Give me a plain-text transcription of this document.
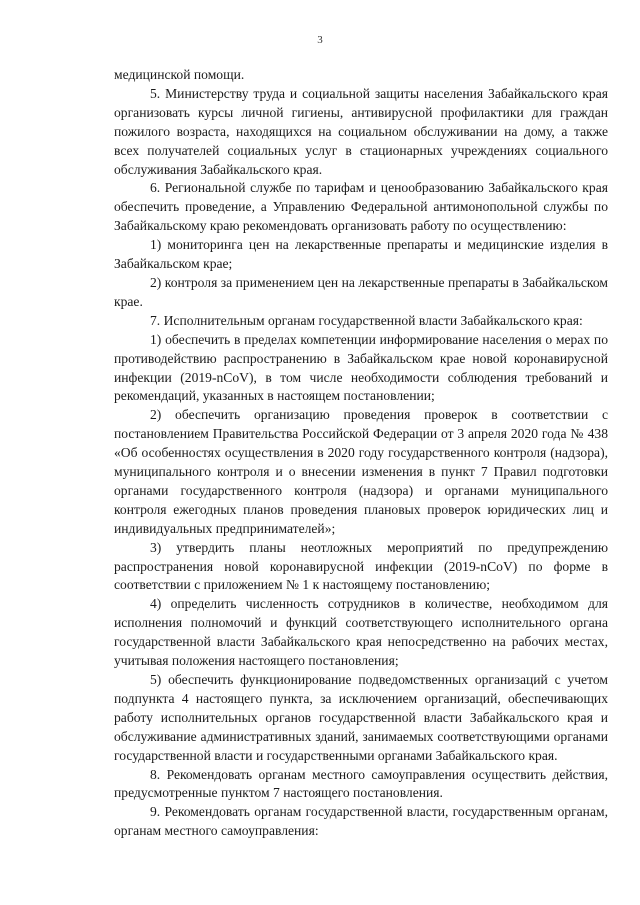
3

медицинской помощи.

5. Министерству труда и социальной защиты населения Забайкальского края организовать курсы личной гигиены, антивирусной профилактики для граждан пожилого возраста, находящихся на социальном обслуживании на дому, а также всех получателей социальных услуг в стационарных учреждениях социального обслуживания Забайкальского края.

6. Региональной службе по тарифам и ценообразованию Забайкальского края обеспечить проведение, а Управлению Федеральной антимонопольной службы по Забайкальскому краю рекомендовать организовать работу по осуществлению:

1) мониторинга цен на лекарственные препараты и медицинские изделия в Забайкальском крае;

2) контроля за применением цен на лекарственные препараты в Забайкальском крае.

7. Исполнительным органам государственной власти Забайкальского края:

1) обеспечить в пределах компетенции информирование населения о мерах по противодействию распространению в Забайкальском крае новой коронавирусной инфекции (2019-nCoV), в том числе необходимости соблюдения требований и рекомендаций, указанных в настоящем постановлении;

2) обеспечить организацию проведения проверок в соответствии с постановлением Правительства Российской Федерации от 3 апреля 2020 года № 438 «Об особенностях осуществления в 2020 году государственного контроля (надзора), муниципального контроля и о внесении изменения в пункт 7 Правил подготовки органами государственного контроля (надзора) и органами муниципального контроля ежегодных планов проведения плановых проверок юридических лиц и индивидуальных предпринимателей»;

3) утвердить планы неотложных мероприятий по предупреждению распространения новой коронавирусной инфекции (2019-nCoV) по форме в соответствии с приложением № 1 к настоящему постановлению;

4) определить численность сотрудников в количестве, необходимом для исполнения полномочий и функций соответствующего исполнительного органа государственной власти Забайкальского края непосредственно на рабочих местах, учитывая положения настоящего постановления;

5) обеспечить функционирование подведомственных организаций с учетом подпункта 4 настоящего пункта, за исключением организаций, обеспечивающих работу исполнительных органов государственной власти Забайкальского края и обслуживание административных зданий, занимаемых соответствующими органами государственной власти и государственными органами Забайкальского края.

8. Рекомендовать органам местного самоуправления осуществить действия, предусмотренные пунктом 7 настоящего постановления.

9. Рекомендовать органам государственной власти, государственным органам, органам местного самоуправления:
